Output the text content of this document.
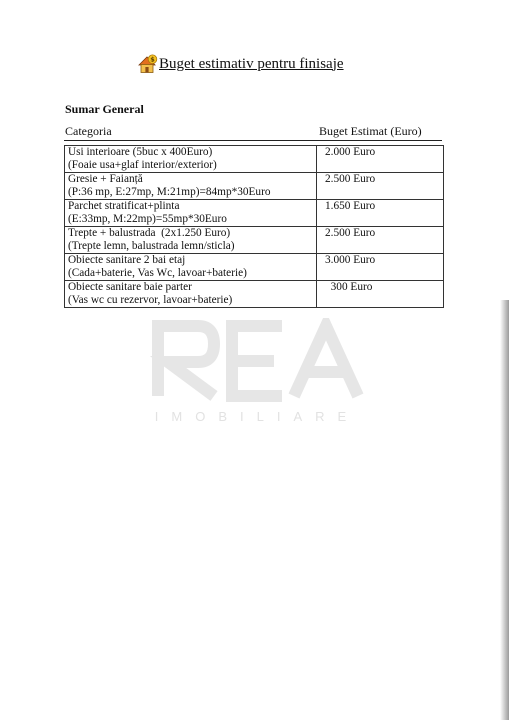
$ Buget estimativ pentru finisaje
Sumar General
Categoria	Buget Estimat (Euro)
Usi interioare (5buc x 400Euro)
(Foaie usa+glaf interior/exterior)	2.000 Euro

Gresie + Faianță
(P:36 mp, E:27mp, M:21mp)=84mp*30Euro	2.500 Euro

Parchet stratificat+plinta
(E:33mp, M:22mp)=55mp*30Euro	1.650 Euro

Trepte + balustrada  (2x1.250 Euro)
(Trepte lemn, balustrada lemn/sticla)	2.500 Euro

Obiecte sanitare 2 bai etaj
(Cada+baterie, Vas Wc, lavoar+baterie)	3.000 Euro

Obiecte sanitare baie parter
(Vas wc cu rezervor, lavoar+baterie)	300 Euro
IMOBILIARE
